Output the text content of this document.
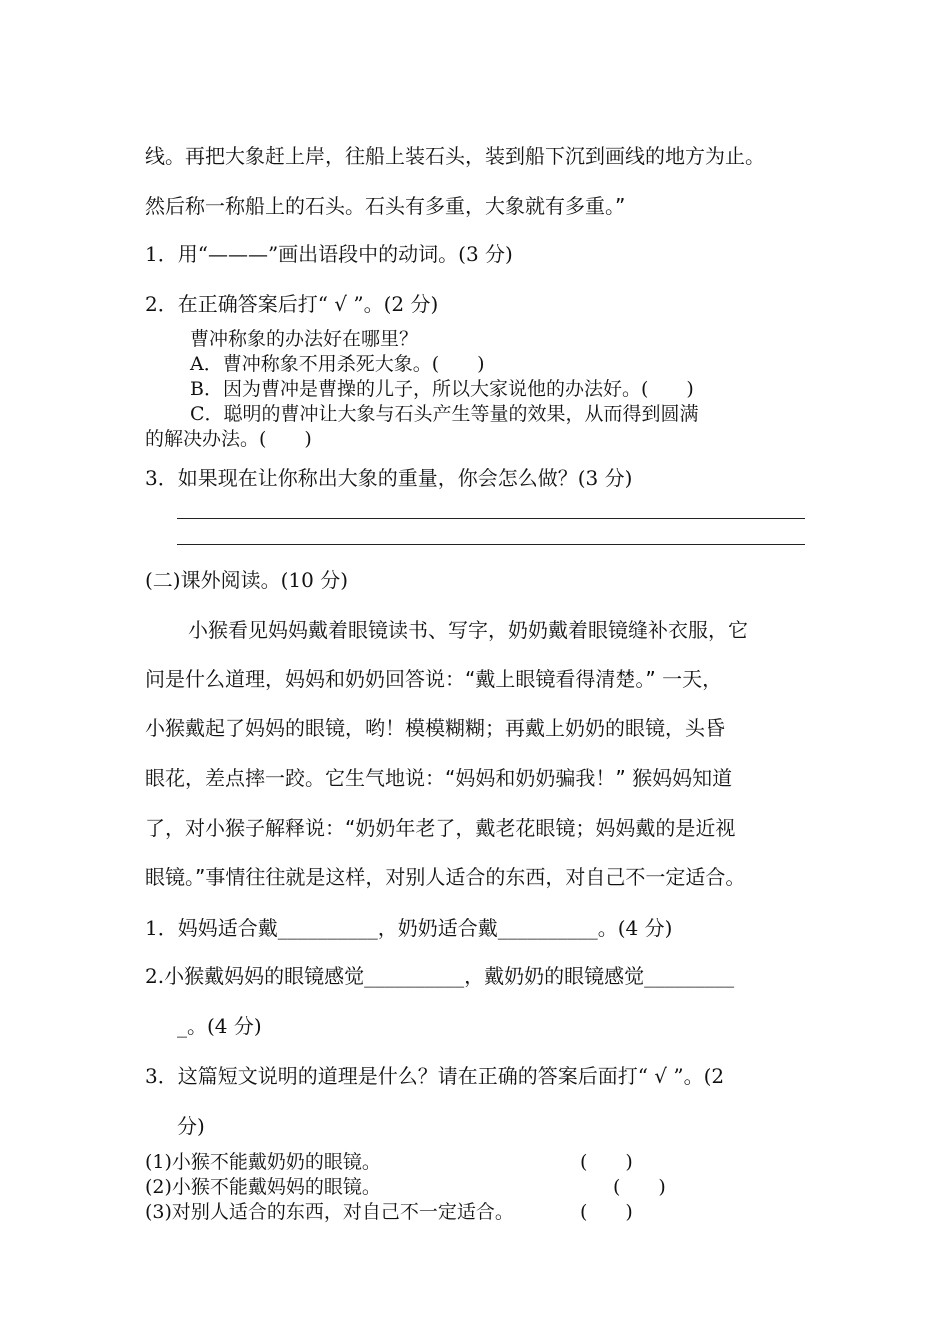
线。再把大象赶上岸，往船上装石头，装到船下沉到画线的地方为止。
然后称一称船上的石头。石头有多重，大象就有多重。”
1．用“———”画出语段中的动词。(3 分)
2．在正确答案后打“ √ ”。(2 分)
曹冲称象的办法好在哪里？
A．曹冲称象不用杀死大象。(　　)
B．因为曹冲是曹操的儿子，所以大家说他的办法好。(　　)
C．聪明的曹冲让大象与石头产生等量的效果，从而得到圆满
的解决办法。(　　)
3．如果现在让你称出大象的重量，你会怎么做？(3 分)
(二)课外阅读。(10 分)
小猴看见妈妈戴着眼镜读书、写字，奶奶戴着眼镜缝补衣服，它
问是什么道理，妈妈和奶奶回答说：“戴上眼镜看得清楚。” 一天，
小猴戴起了妈妈的眼镜，哟！模模糊糊；再戴上奶奶的眼镜，头昏
眼花，差点摔一跤。它生气地说：“妈妈和奶奶骗我！” 猴妈妈知道
了，对小猴子解释说：“奶奶年老了，戴老花眼镜；妈妈戴的是近视
眼镜。”事情往往就是这样，对别人适合的东西，对自己不一定适合。
1．妈妈适合戴__________，奶奶适合戴__________。(4 分)
2.小猴戴妈妈的眼镜感觉__________，戴奶奶的眼镜感觉_________
_。(4 分)
3．这篇短文说明的道理是什么？请在正确的答案后面打“ √ ”。(2
分)
(1)小猴不能戴奶奶的眼镜。	(　　)
(2)小猴不能戴妈妈的眼镜。	(　　)
(3)对别人适合的东西，对自己不一定适合。	(　　)
